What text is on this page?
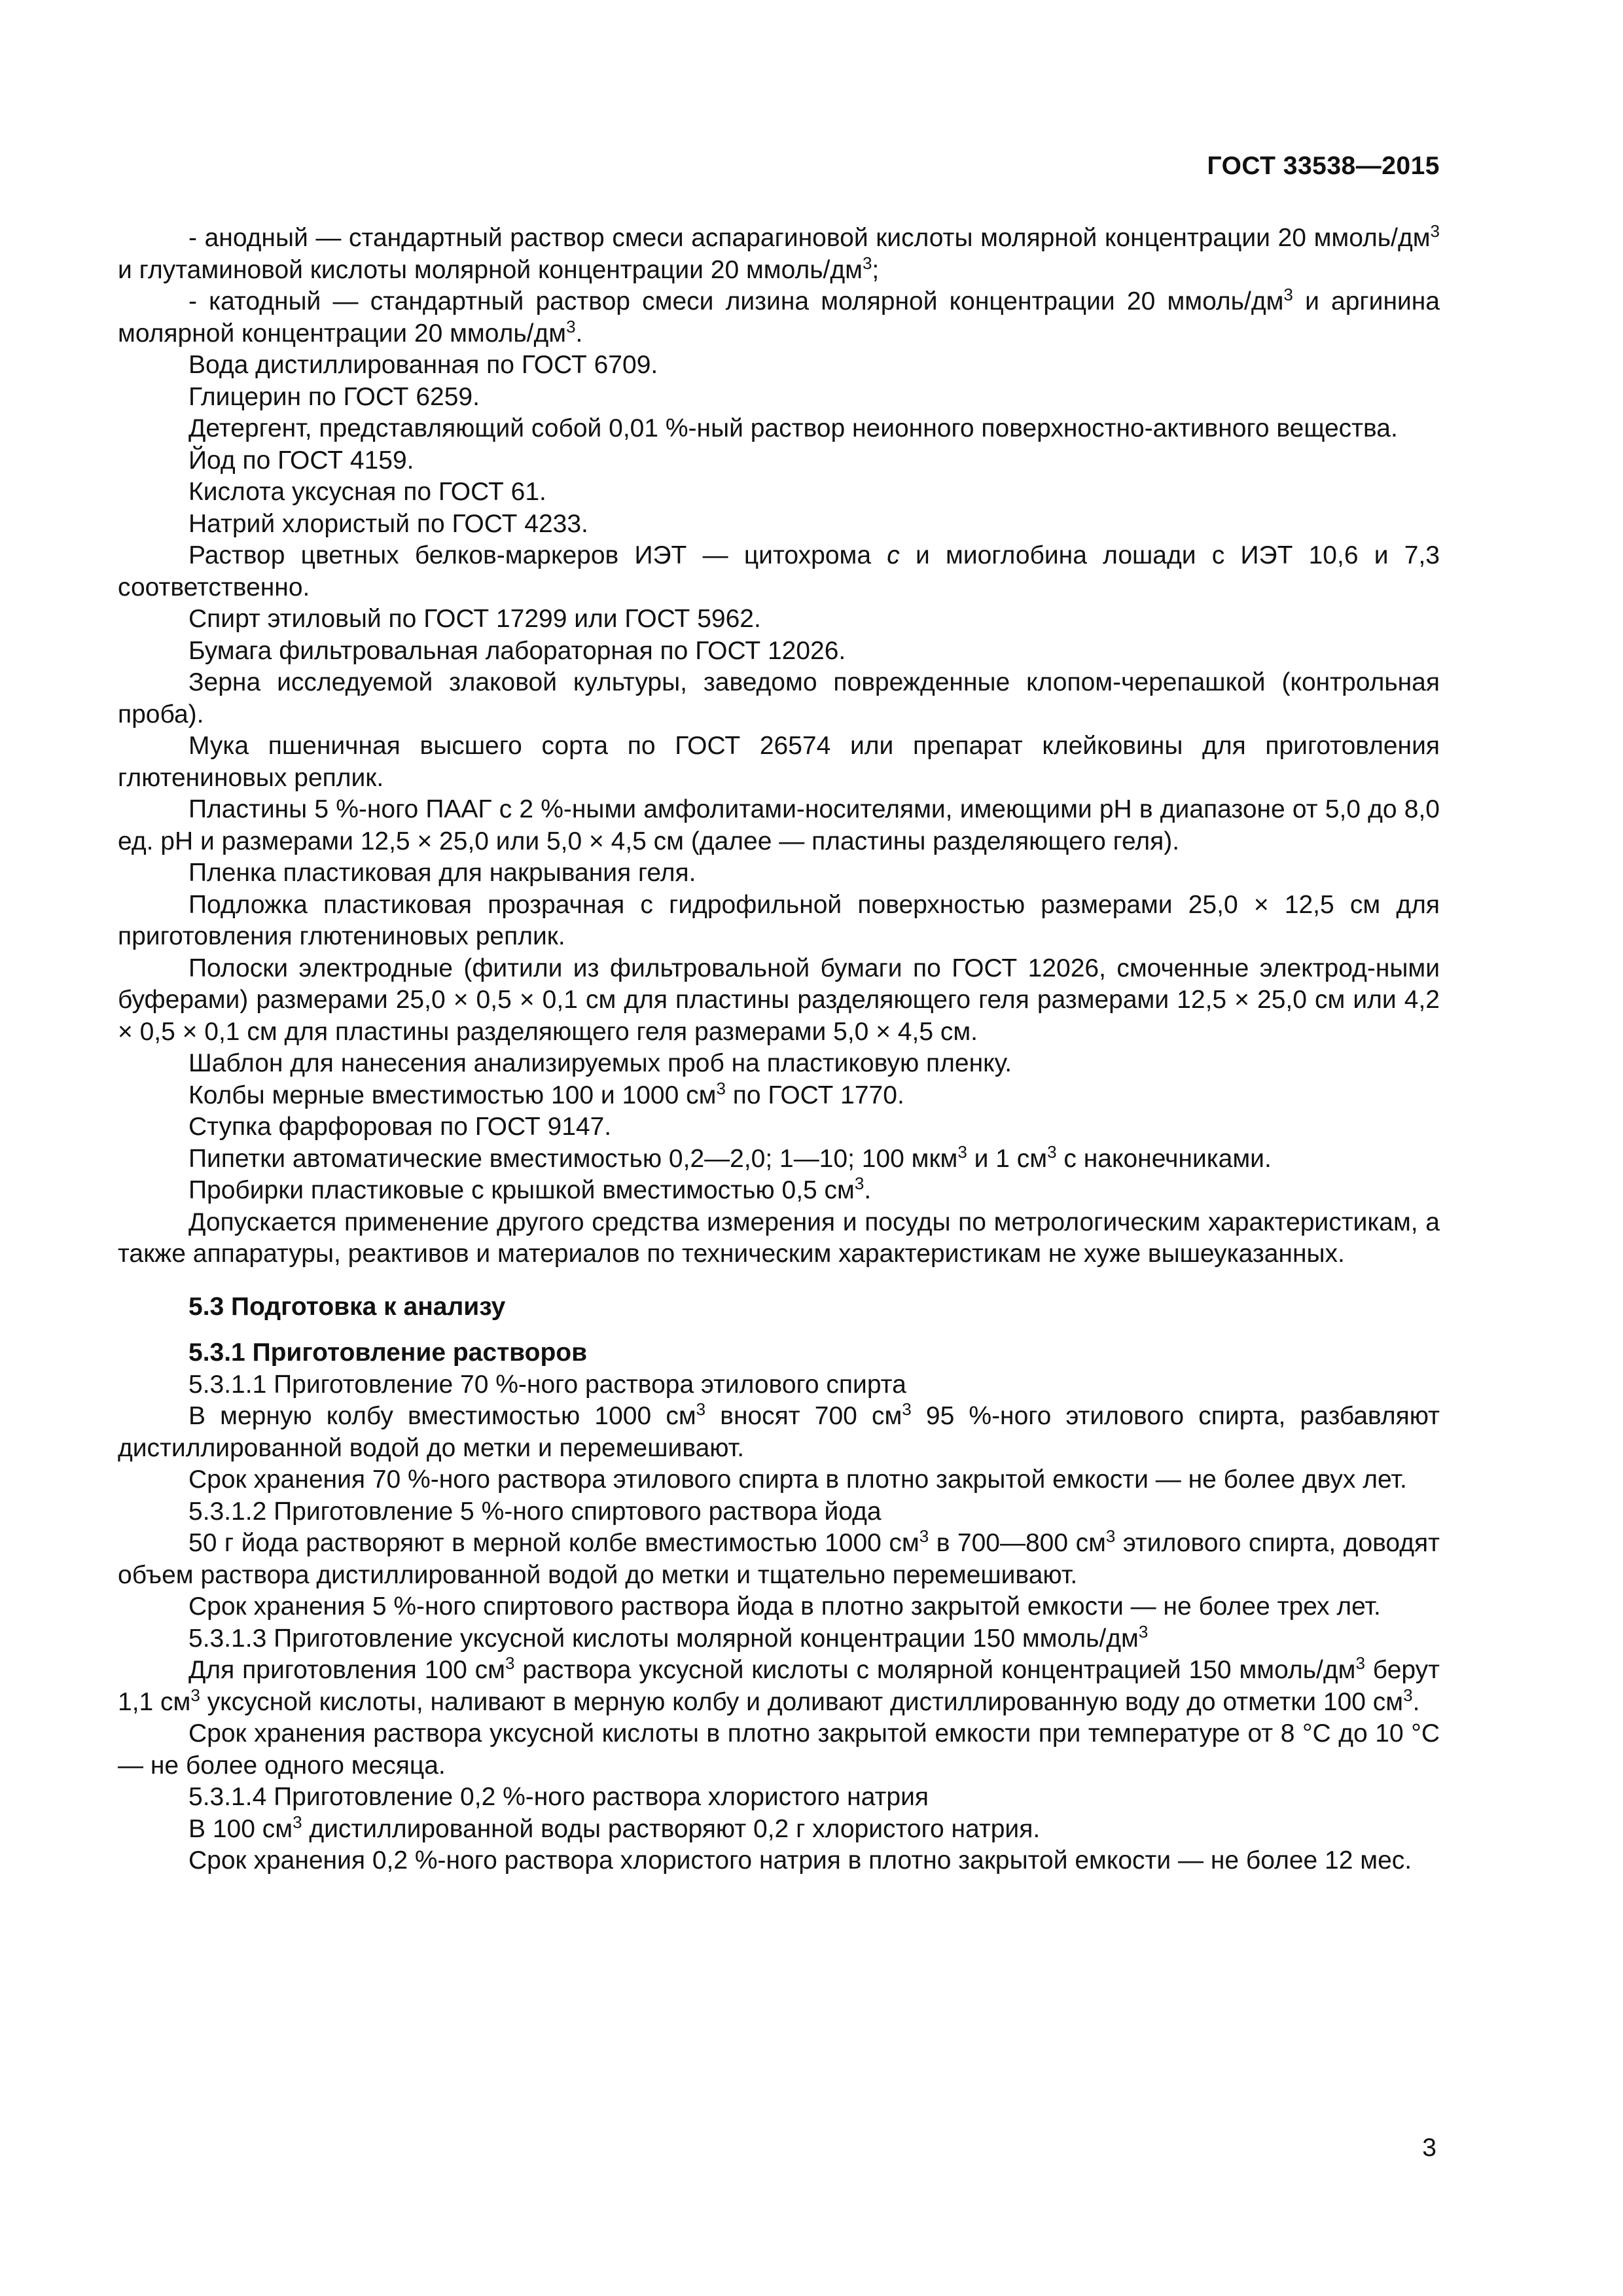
ГОСТ 33538—2015

- анодный — стандартный раствор смеси аспарагиновой кислоты молярной концентрации 20 ммоль/$дм^3$ и глутаминовой кислоты молярной концентрации 20 ммоль/$дм^3$;

- катодный — стандартный раствор смеси лизина молярной концентрации 20 ммоль/$дм^3$ и аргинина молярной концентрации 20 ммоль/$дм^3$.

Вода дистиллированная по ГОСТ 6709.

Глицерин по ГОСТ 6259.

Детергент, представляющий собой 0,01 %-ный раствор неионного поверхностно-активного вещества.

Йод по ГОСТ 4159.

Кислота уксусная по ГОСТ 61.

Натрий хлористый по ГОСТ 4233.

Раствор цветных белков-маркеров ИЭТ — цитохрома с и миоглобина лошади с ИЭТ 10,6 и 7,3 соответственно.

Спирт этиловый по ГОСТ 17299 или ГОСТ 5962.

Бумага фильтровальная лабораторная по ГОСТ 12026.

Зерна исследуемой злаковой культуры, заведомо поврежденные клопом-черепашкой (контрольная проба).

Мука пшеничная высшего сорта по ГОСТ 26574 или препарат клейковины для приготовления глютениновых реплик.

Пластины 5 %-ного ПААГ с 2 %-ными амфолитами-носителями, имеющими pH в диапазоне от 5,0 до 8,0 ед. pH и размерами 12,5 × 25,0 или 5,0 × 4,5 см (далее — пластины разделяющего геля).

Пленка пластиковая для накрывания геля.

Подложка пластиковая прозрачная с гидрофильной поверхностью размерами 25,0 × 12,5 см для приготовления глютениновых реплик.

Полоски электродные (фитили из фильтровальной бумаги по ГОСТ 12026, смоченные электрод-ными буферами) размерами 25,0 × 0,5 × 0,1 см для пластины разделяющего геля размерами 12,5 × 25,0 см или 4,2 × 0,5 × 0,1 см для пластины разделяющего геля размерами 5,0 × 4,5 см.

Шаблон для нанесения анализируемых проб на пластиковую пленку.

Колбы мерные вместимостью 100 и 1000 $см^3$ по ГОСТ 1770.

Ступка фарфоровая по ГОСТ 9147.

Пипетки автоматические вместимостью 0,2—2,0; 1—10; 100 мкм$^3$ и 1 $см^3$ с наконечниками.

Пробирки пластиковые с крышкой вместимостью 0,5 $см^3$.

Допускается применение другого средства измерения и посуды по метрологическим характеристикам, а также аппаратуры, реактивов и материалов по техническим характеристикам не хуже вышеуказанных.

5.3 Подготовка к анализу

5.3.1 Приготовление растворов

5.3.1.1 Приготовление 70 %-ного раствора этилового спирта

В мерную колбу вместимостью 1000 $см^3$ вносят 700 $см^3$ 95 %-ного этилового спирта, разбавляют дистиллированной водой до метки и перемешивают.

Срок хранения 70 %-ного раствора этилового спирта в плотно закрытой емкости — не более двух лет.

5.3.1.2 Приготовление 5 %-ного спиртового раствора йода

50 г йода растворяют в мерной колбе вместимостью 1000 $см^3$ в 700—800 $см^3$ этилового спирта, доводят объем раствора дистиллированной водой до метки и тщательно перемешивают.

Срок хранения 5 %-ного спиртового раствора йода в плотно закрытой емкости — не более трех лет.

5.3.1.3 Приготовление уксусной кислоты молярной концентрации 150 ммоль/$дм^3$

Для приготовления 100 $см^3$ раствора уксусной кислоты с молярной концентрацией 150 ммоль/$дм^3$ берут 1,1 $см^3$ уксусной кислоты, наливают в мерную колбу и доливают дистиллированную воду до отметки 100 $см^3$.

Срок хранения раствора уксусной кислоты в плотно закрытой емкости при температуре от 8 °C до 10 °C — не более одного месяца.

5.3.1.4 Приготовление 0,2 %-ного раствора хлористого натрия

В 100 $см^3$ дистиллированной воды растворяют 0,2 г хлористого натрия.

Срок хранения 0,2 %-ного раствора хлористого натрия в плотно закрытой емкости — не более 12 мес.

3
